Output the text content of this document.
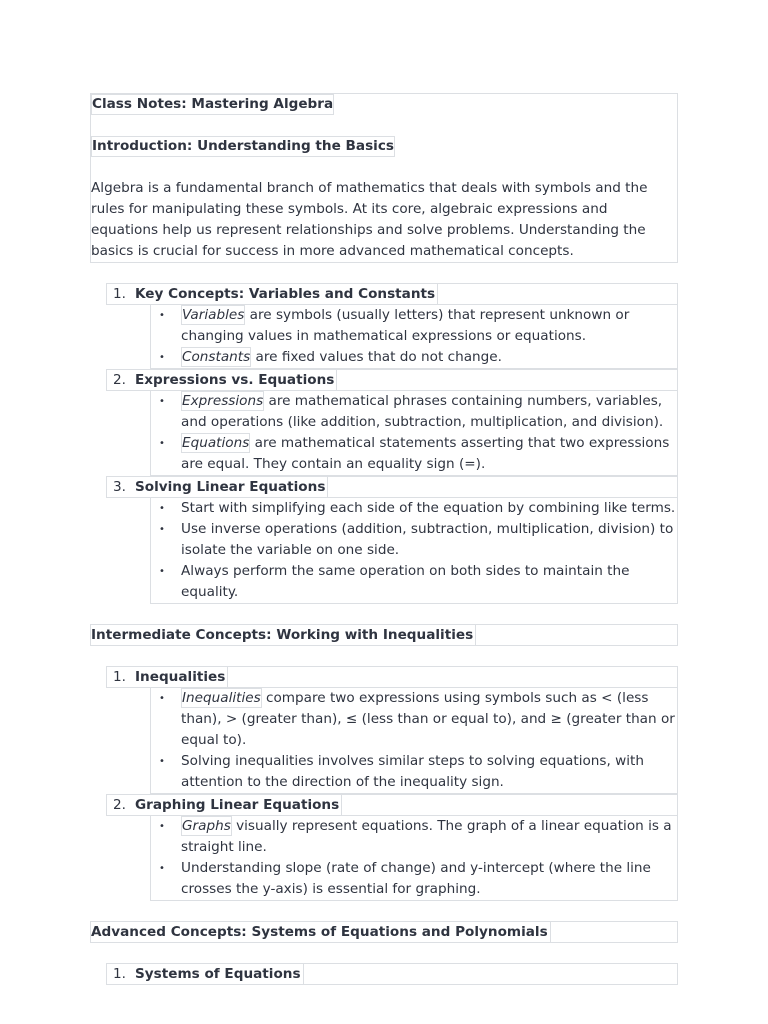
Class Notes: Mastering Algebra
Introduction: Understanding the Basics

Algebra is a fundamental branch of mathematics that deals with symbols and the rules for manipulating these symbols. At its core, algebraic expressions and equations help us represent relationships and solve problems. Understanding the basics is crucial for success in more advanced mathematical concepts.

1. Key Concepts: Variables and Constants
• Variables are symbols (usually letters) that represent unknown or changing values in mathematical expressions or equations.
• Constants are fixed values that do not change.
2. Expressions vs. Equations
• Expressions are mathematical phrases containing numbers, variables, and operations (like addition, subtraction, multiplication, and division).
• Equations are mathematical statements asserting that two expressions are equal. They contain an equality sign (=).
3. Solving Linear Equations
• Start with simplifying each side of the equation by combining like terms.
• Use inverse operations (addition, subtraction, multiplication, division) to isolate the variable on one side.
• Always perform the same operation on both sides to maintain the equality.
Intermediate Concepts: Working with Inequalities
1. Inequalities
• Inequalities compare two expressions using symbols such as < (less than), > (greater than), ≤ (less than or equal to), and ≥ (greater than or equal to).
• Solving inequalities involves similar steps to solving equations, with attention to the direction of the inequality sign.
2. Graphing Linear Equations
• Graphs visually represent equations. The graph of a linear equation is a straight line.
• Understanding slope (rate of change) and y-intercept (where the line crosses the y-axis) is essential for graphing.
Advanced Concepts: Systems of Equations and Polynomials
1. Systems of Equations
